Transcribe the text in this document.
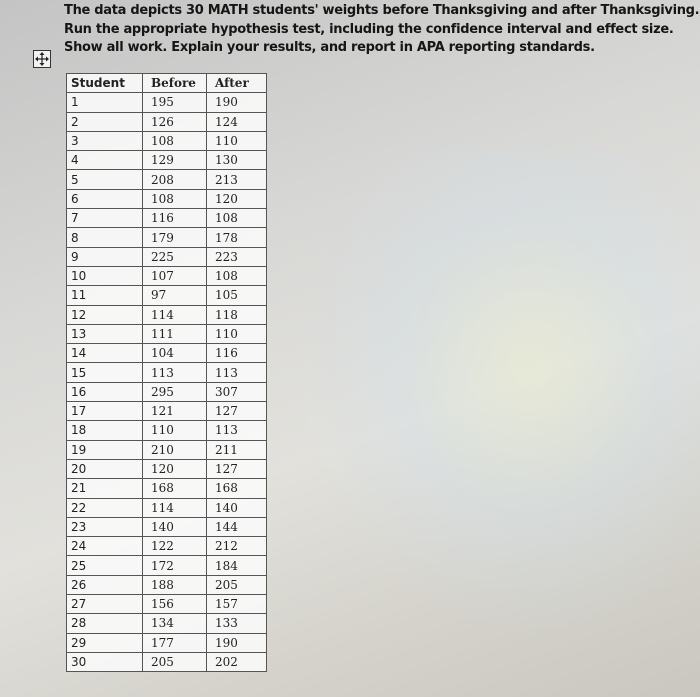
The data depicts 30 MATH students' weights before Thanksgiving and after Thanksgiving.
Run the appropriate hypothesis test, including the confidence interval and effect size.
Show all work. Explain your results, and report in APA reporting standards.
Student	Before	After
1	195	190
2	126	124
3	108	110
4	129	130
5	208	213
6	108	120
7	116	108
8	179	178
9	225	223
10	107	108
11	97	105
12	114	118
13	111	110
14	104	116
15	113	113
16	295	307
17	121	127
18	110	113
19	210	211
20	120	127
21	168	168
22	114	140
23	140	144
24	122	212
25	172	184
26	188	205
27	156	157
28	134	133
29	177	190
30	205	202
